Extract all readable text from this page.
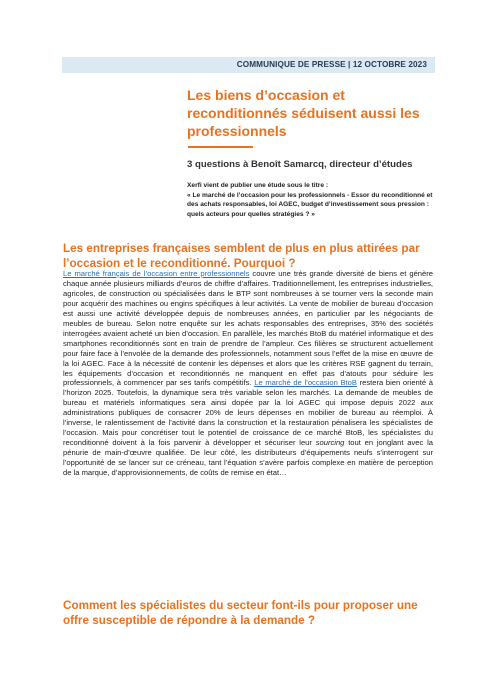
COMMUNIQUE DE PRESSE | 12 OCTOBRE 2023
Les biens d’occasion et reconditionnés séduisent aussi les professionnels
3 questions à Benoît Samarcq, directeur d’études
Xerfi vient de publier une étude sous le titre :
« Le marché de l’occasion pour les professionnels - Essor du reconditionné et des achats responsables, loi AGEC, budget d’investissement sous pression : quels acteurs pour quelles stratégies ? »
Les entreprises françaises semblent de plus en plus attirées par l’occasion et le reconditionné. Pourquoi ?
Le marché français de l’occasion entre professionnels couvre une très grande diversité de biens et génère chaque année plusieurs milliards d’euros de chiffre d’affaires. Traditionnellement, les entreprises industrielles, agricoles, de construction ou spécialisées dans le BTP sont nombreuses à se tourner vers la seconde main pour acquérir des machines ou engins spécifiques à leur activités. La vente de mobilier de bureau d’occasion est aussi une activité développée depuis de nombreuses années, en particulier par les négociants de meubles de bureau. Selon notre enquête sur les achats responsables des entreprises, 35% des sociétés interrogées avaient acheté un bien d’occasion. En parallèle, les marchés BtoB du matériel informatique et des smartphones reconditionnés sont en train de prendre de l’ampleur. Ces filières se structurent actuellement pour faire face à l’envolée de la demande des professionnels, notamment sous l’effet de la mise en œuvre de la loi AGEC. Face à la nécessité de contenir les dépenses et alors que les critères RSE gagnent du terrain, les équipements d’occasion et reconditionnés ne manquent en effet pas d’atouts pour séduire les professionnels, à commencer par ses tarifs compétitifs. Le marché de l’occasion BtoB restera bien orienté à l’horizon 2025. Toutefois, la dynamique sera très variable selon les marchés. La demande de meubles de bureau et matériels informatiques sera ainsi dopée par la loi AGEC qui impose depuis 2022 aux administrations publiques de consacrer 20% de leurs dépenses en mobilier de bureau au réemploi. À l’inverse, le ralentissement de l’activité dans la construction et la restauration pénalisera les spécialistes de l’occasion. Mais pour concrétiser tout le potentiel de croissance de ce marché BtoB, les spécialistes du reconditionné doivent à la fois parvenir à développer et sécuriser leur sourcing tout en jonglant avec la pénurie de main-d’œuvre qualifiée. De leur côté, les distributeurs d’équipements neufs s’interrogent sur l’opportunité de se lancer sur ce créneau, tant l’équation s’avère parfois complexe en matière de perception de la marque, d’approvisionnements, de coûts de remise en état…
Comment les spécialistes du secteur font-ils pour proposer une offre susceptible de répondre à la demande ?
